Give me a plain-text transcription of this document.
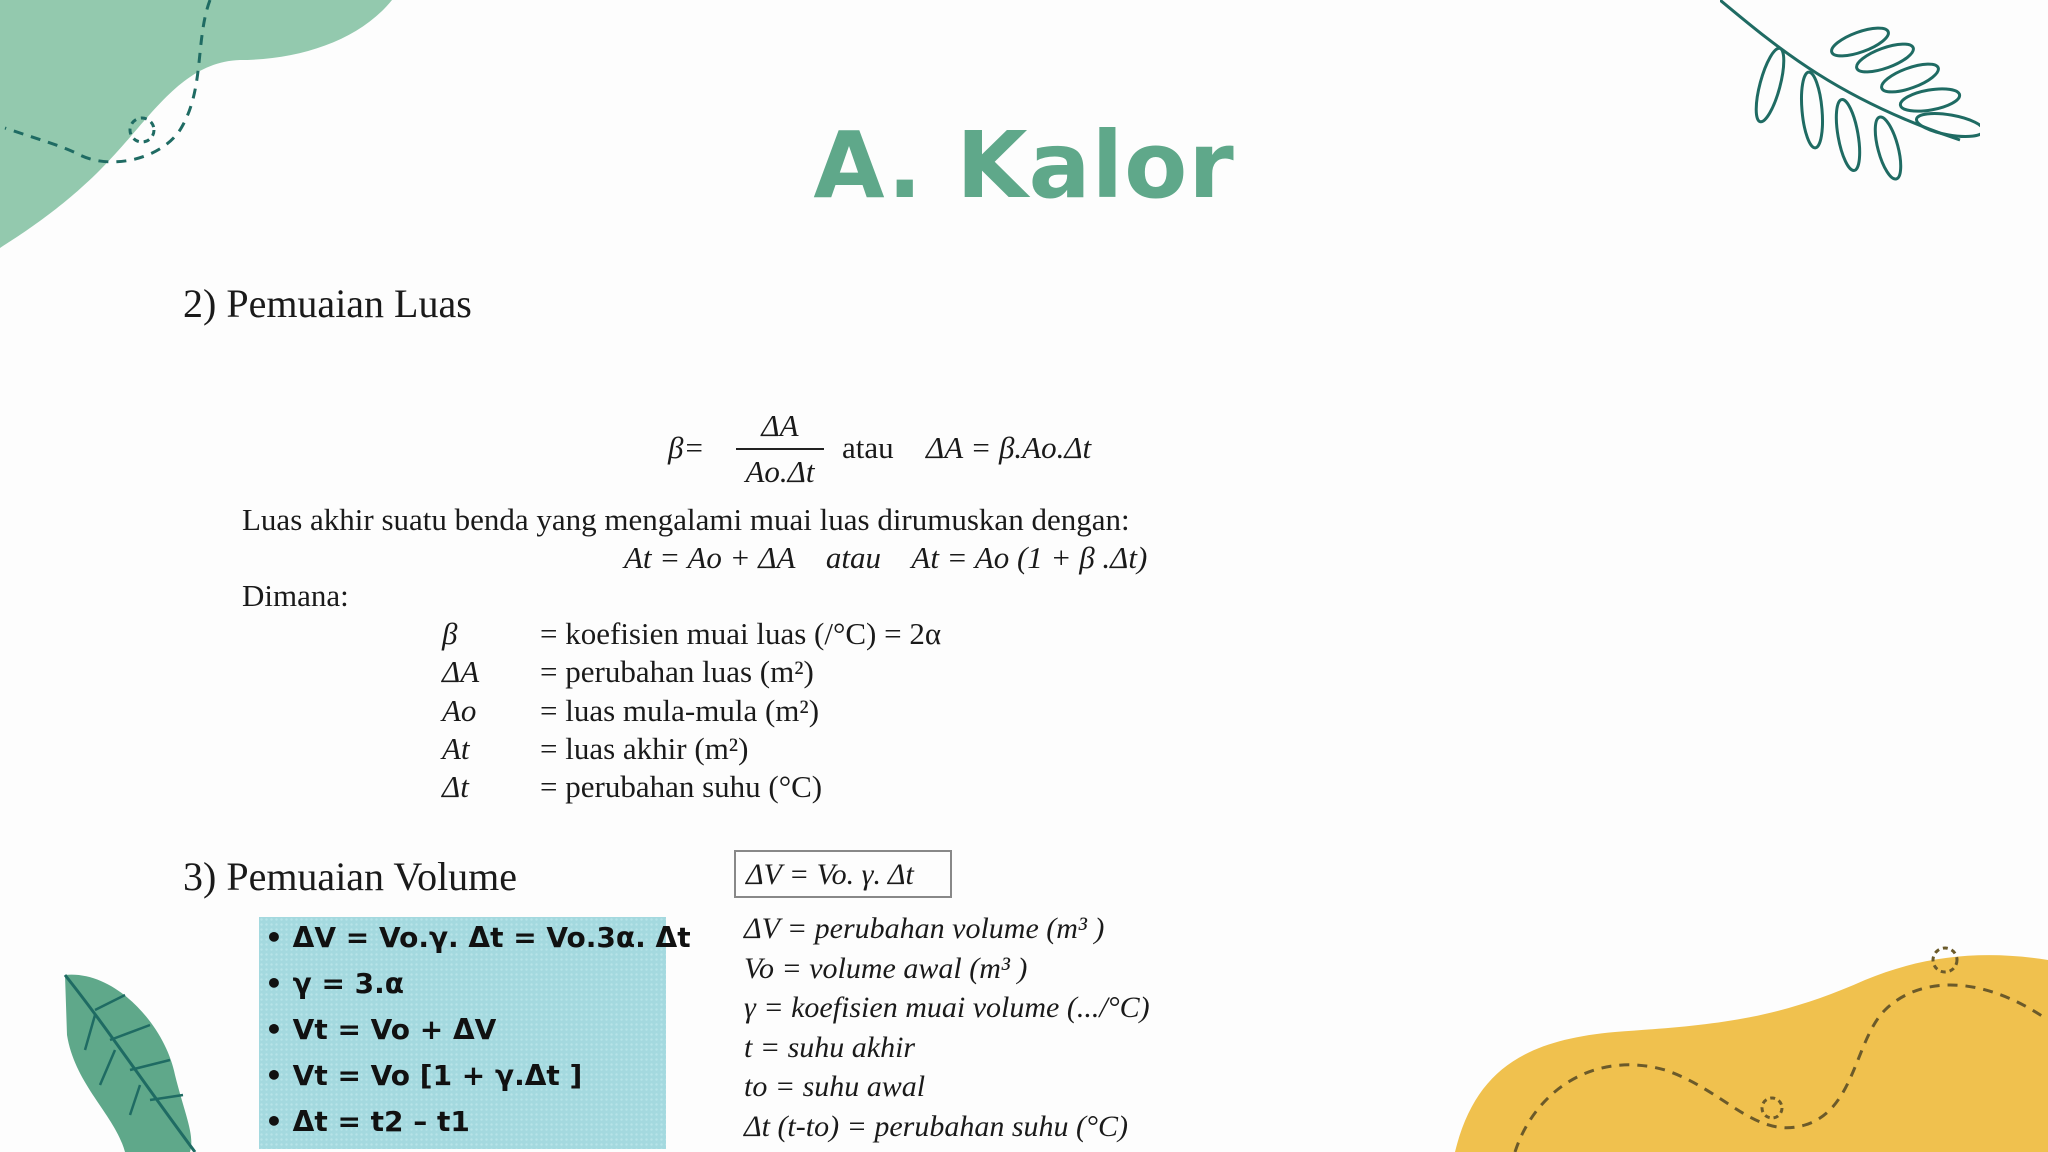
A. Kalor
2) Pemuaian Luas
$\beta= \frac{\Delta A}{Ao.\Delta t}$ atau ΔA = β.Ao.Δt
Luas akhir suatu benda yang mengalami muai luas dirumuskan dengan:
At = Ao + ΔA    atau    At = Ao (1 + β .Δt)
Dimana:
β	= koefisien muai luas (/°C) = 2α
ΔA = perubahan luas (m²)
Ao = luas mula-mula (m²)
At = luas akhir (m²)
Δt = perubahan suhu (°C)
3) Pemuaian Volume	ΔV = Vo. γ. Δt
• ΔV = Vo.γ. Δt = Vo.3α. Δt
• γ = 3.α
• Vt = Vo + ΔV
• Vt = Vo [1 + γ.Δt ]
• Δt = t2 – t1
ΔV = perubahan volume (m³ )
Vo = volume awal (m³ )
γ = koefisien muai volume (.../°C)
t = suhu akhir
to = suhu awal
Δt (t-to) = perubahan suhu (°C)
